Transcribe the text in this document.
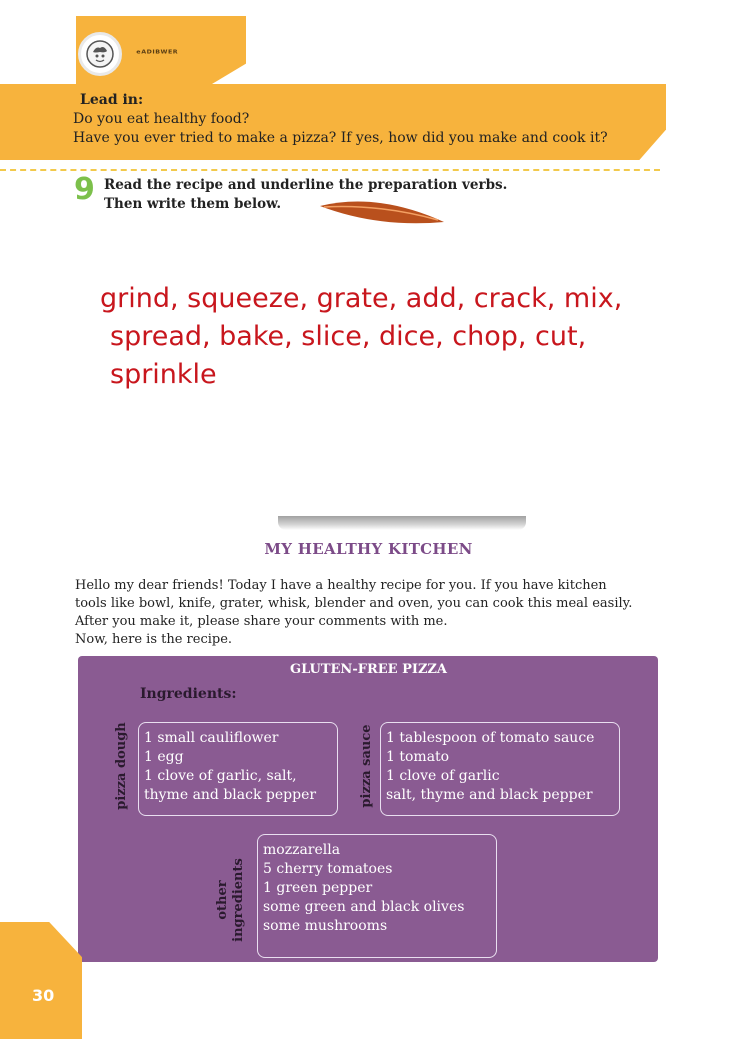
ᵉᴬᴰᴵᴮᵂᴱᴿ
Lead in:
Do you eat healthy food?
Have you ever tried to make a pizza? If yes, how did you make and cook it?
9 Read the recipe and underline the preparation verbs.
Then write them below.
grind, squeeze, grate, add, crack, mix,
spread, bake, slice, dice, chop, cut,
sprinkle
MY HEALTHY KITCHEN
Hello my dear friends! Today I have a healthy recipe for you. If you have kitchen
tools like bowl, knife, grater, whisk, blender and oven, you can cook this meal easily.
After you make it, please share your comments with me.
Now, here is the recipe.
GLUTEN-FREE PIZZA
Ingredients:
pizza dough 1 small cauliflower
1 egg
1 clove of garlic, salt,
thyme and black pepper	pizza sauce 1 tablespoon of tomato sauce
1 tomato
1 clove of garlic
salt, thyme and black pepper
other
ingredients
mozzarella
5 cherry tomatoes
1 green pepper
some green and black olives
some mushrooms
30
